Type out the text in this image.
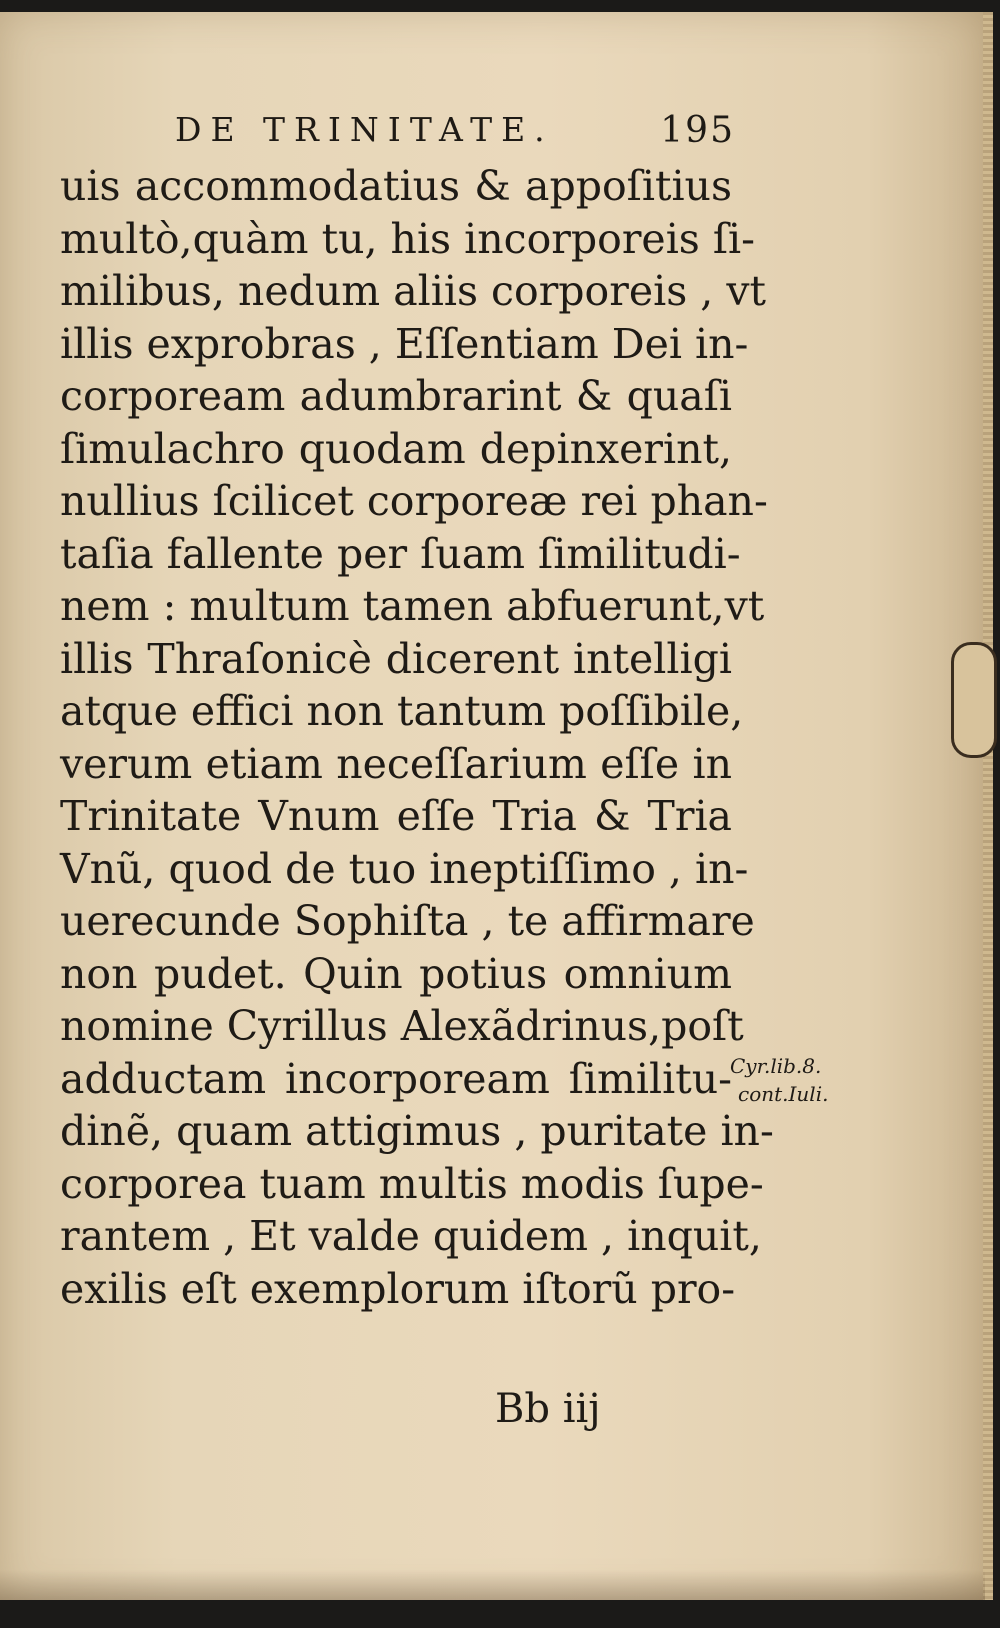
DE TRINITATE.	195
uis accommodatius & appoſitius
multò,quàm tu, his incorporeis ſi-
milibus, nedum aliis corporeis , vt
illis exprobras , Eſſentiam Dei in-
corpoream adumbrarint & quaſi
ſimulachro quodam depinxerint,
nullius ſcilicet corporeæ rei phan-
taſia fallente per ſuam ſimilitudi-
nem : multum tamen abfuerunt,vt
illis Thraſonicè dicerent intelligi
atque effici non tantum poſſibile,
verum etiam neceſſarium eſſe in
Trinitate Vnum eſſe Tria & Tria
Vnũ, quod de tuo ineptiſſimo , in-
uerecunde Sophiſta , te affirmare
non pudet. Quin potius omnium
nomine Cyrillus Alexãdrinus,poſt
adductam incorpoream ſimilitu-
dinẽ, quam attigimus , puritate in-
corporea tuam multis modis ſupe-
rantem , Et valde quidem , inquit,
exilis eſt exemplorum iſtorũ pro-
Cyr.lib.8.
cont.Iuli.
Bb iij
